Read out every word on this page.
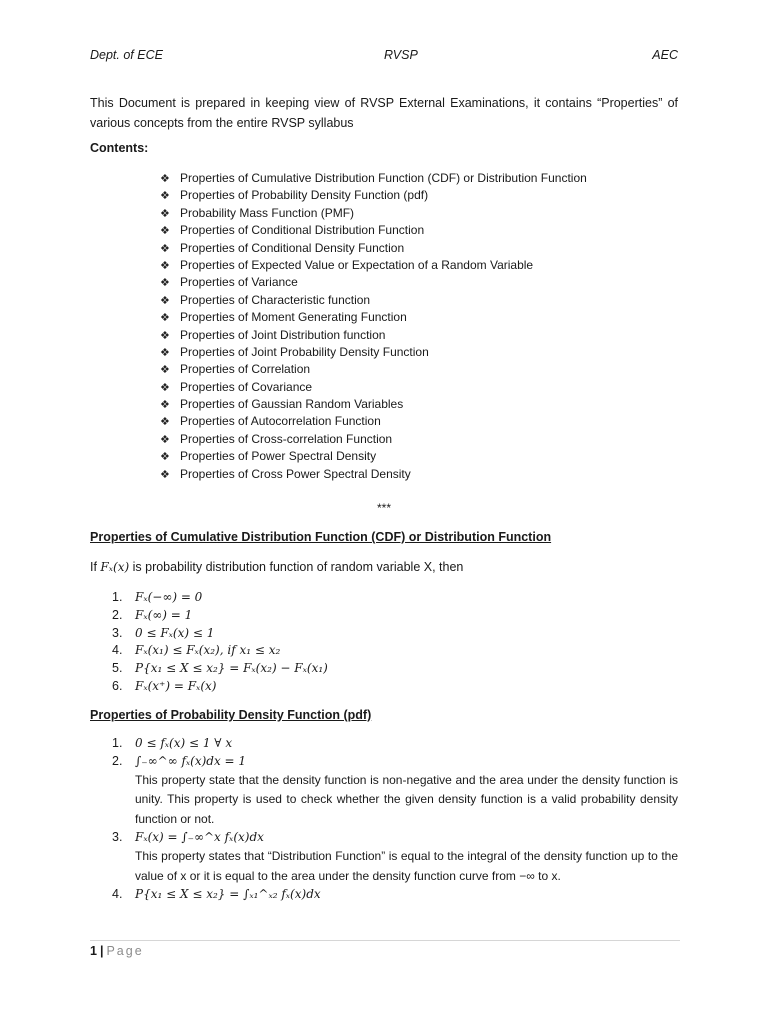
Dept. of ECE	RVSP	AEC
This Document is prepared in keeping view of RVSP External Examinations, it contains “Properties” of various concepts from the entire RVSP syllabus
Contents:
❖ Properties of Cumulative Distribution Function (CDF) or Distribution Function
❖ Properties of Probability Density Function (pdf)
❖ Probability Mass Function (PMF)
❖ Properties of Conditional Distribution Function
❖ Properties of Conditional Density Function
❖ Properties of Expected Value or Expectation of a Random Variable
❖ Properties of Variance
❖ Properties of Characteristic function
❖ Properties of Moment Generating Function
❖ Properties of Joint Distribution function
❖ Properties of Joint Probability Density Function
❖ Properties of Correlation
❖ Properties of Covariance
❖ Properties of Gaussian Random Variables
❖ Properties of Autocorrelation Function
❖ Properties of Cross-correlation Function
❖ Properties of Power Spectral Density
❖ Properties of Cross Power Spectral Density
***
Properties of Cumulative Distribution Function (CDF) or Distribution Function
If Fₓ(x) is probability distribution function of random variable X, then
1. Fₓ(−∞) = 0
2. Fₓ(∞) = 1
3. 0 ≤ Fₓ(x) ≤ 1
4. Fₓ(x₁) ≤ Fₓ(x₂), if x₁ ≤ x₂
5. P{x₁ ≤ X ≤ x₂} = Fₓ(x₂) − Fₓ(x₁)
6. Fₓ(x⁺) = Fₓ(x)
Properties of Probability Density Function (pdf)
1. 0 ≤ fₓ(x) ≤ 1 ∀ x
2. ∫₋∞^∞ fₓ(x)dx = 1
This property state that the density function is non-negative and the area under the density function is unity. This property is used to check whether the given density function is a valid probability density function or not.
3. Fₓ(x) = ∫₋∞^x fₓ(x)dx
This property states that “Distribution Function” is equal to the integral of the density function up to the value of x or it is equal to the area under the density function curve from −∞ to x.
4. P{x₁ ≤ X ≤ x₂} = ∫ₓ₁^ₓ₂ fₓ(x)dx
1 | Page
